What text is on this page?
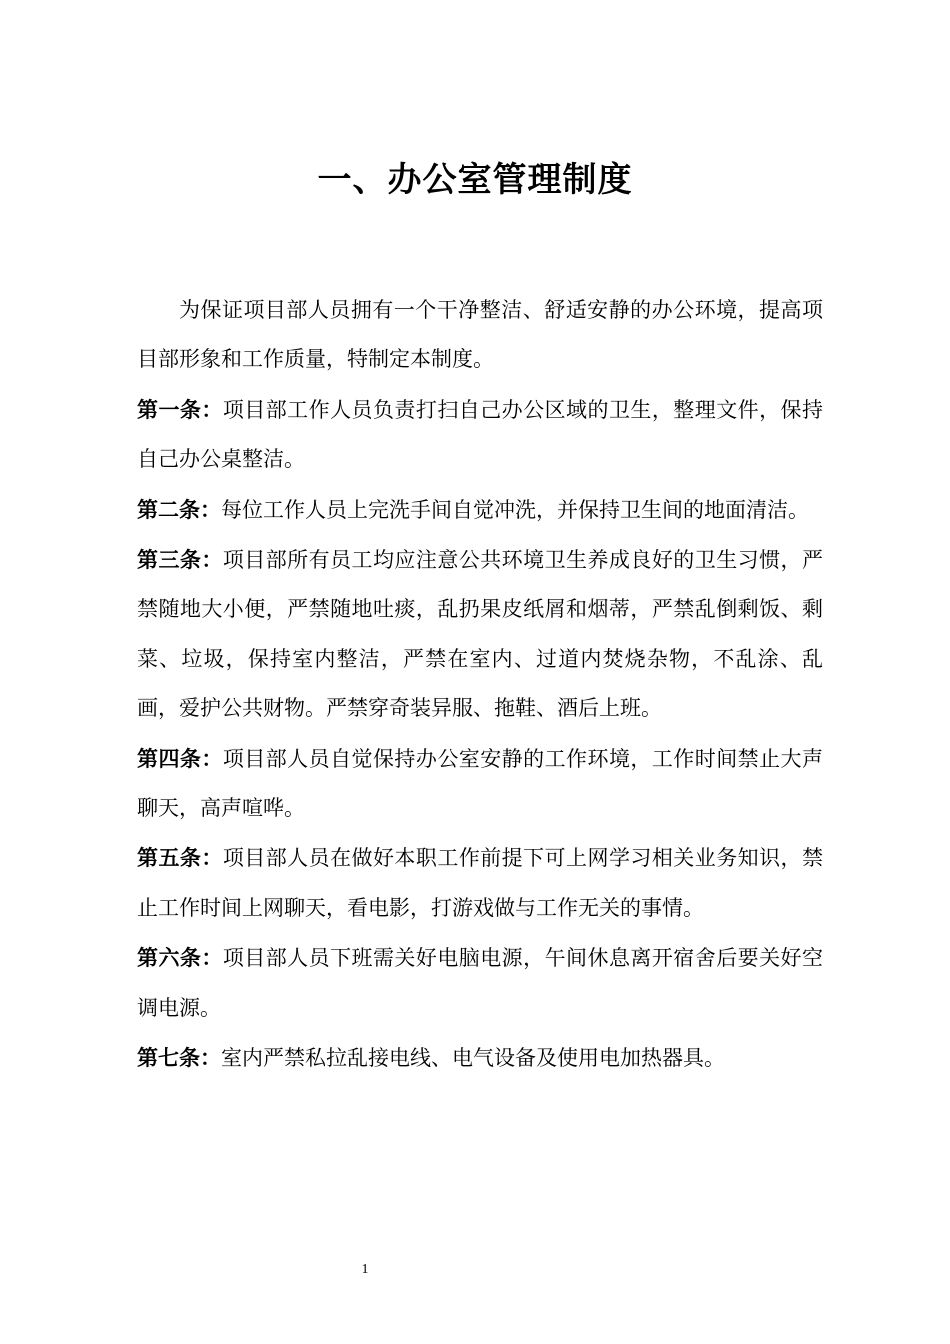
一、办公室管理制度

为保证项目部人员拥有一个干净整洁、舒适安静的办公环境，提高项目部形象和工作质量，特制定本制度。

第一条：项目部工作人员负责打扫自己办公区域的卫生，整理文件，保持自己办公桌整洁。

第二条：每位工作人员上完洗手间自觉冲洗，并保持卫生间的地面清洁。

第三条：项目部所有员工均应注意公共环境卫生养成良好的卫生习惯，严禁随地大小便，严禁随地吐痰，乱扔果皮纸屑和烟蒂，严禁乱倒剩饭、剩菜、垃圾，保持室内整洁，严禁在室内、过道内焚烧杂物，不乱涂、乱画，爱护公共财物。严禁穿奇装异服、拖鞋、酒后上班。

第四条：项目部人员自觉保持办公室安静的工作环境，工作时间禁止大声聊天，高声喧哗。

第五条：项目部人员在做好本职工作前提下可上网学习相关业务知识，禁止工作时间上网聊天，看电影，打游戏做与工作无关的事情。

第六条：项目部人员下班需关好电脑电源，午间休息离开宿舍后要关好空调电源。

第七条：室内严禁私拉乱接电线、电气设备及使用电加热器具。

1
